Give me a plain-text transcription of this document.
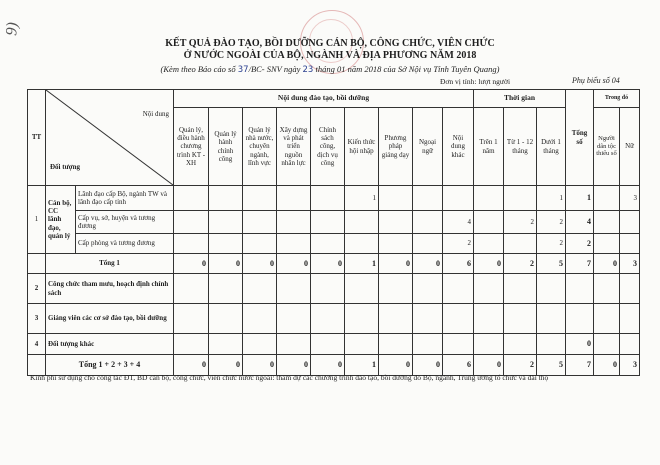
9)
KẾT QUẢ ĐÀO TẠO, BỒI DƯỠNG CÁN BỘ, CÔNG CHỨC, VIÊN CHỨC
Ở NƯỚC NGOÀI CỦA BỘ, NGÀNH VÀ ĐỊA PHƯƠNG NĂM 2018
(Kèm theo Báo cáo số 37/BC- SNV ngày 23 tháng 01 năm 2018 của Sở Nội vụ Tỉnh Tuyên Quang)
Đơn vị tính: lượt người	Phụ biểu số 04
TT	Nội dung
Đối tượng		Nội dung đào tạo, bồi dưỡng									Thời gian			Tổng số	Trong đó	
			Quản lý, điều hành chương trình KT - XH	Quản lý hành chính công	Quản lý nhà nước, chuyên ngành, lĩnh vực	Xây dựng và phát triển nguồn nhân lực	Chính sách công, dịch vụ công	Kiến thức hội nhập	Phương pháp giảng dạy	Ngoại ngữ	Nội dung khác	Trên 1 năm	Từ 1 - 12 tháng	Dưới 1 tháng		Người dân tộc thiểu số	Nữ
1	Cán bộ, CC lãnh đạo, quản lý	Lãnh đạo cấp Bộ, ngành TW và lãnh đạo cấp tỉnh						1						1	1		3
		Cấp vụ, sở, huyện và tương đương									4		2	2	4		
		Cấp phòng và tương đương									2			2	2		
	Tổng 1		0	0	0	0	0	1	0	0	6	0	2	5	7	0	3
2	Công chức tham mưu, hoạch định chính sách																
3	Giảng viên các cơ sở đào tạo, bồi dưỡng																
4	Đối tượng khác														0		
	Tổng 1 + 2 + 3 + 4		0	0	0	0	0	1	0	0	6	0	2	5	7	0	3
Kinh phí sử dụng cho công tác ĐT, BD cán bộ, công chức, viên chức nước ngoài: tham dự các chương trình đào tạo, bồi dưỡng do Bộ, ngành, Trung ương tổ chức và đài thọ
